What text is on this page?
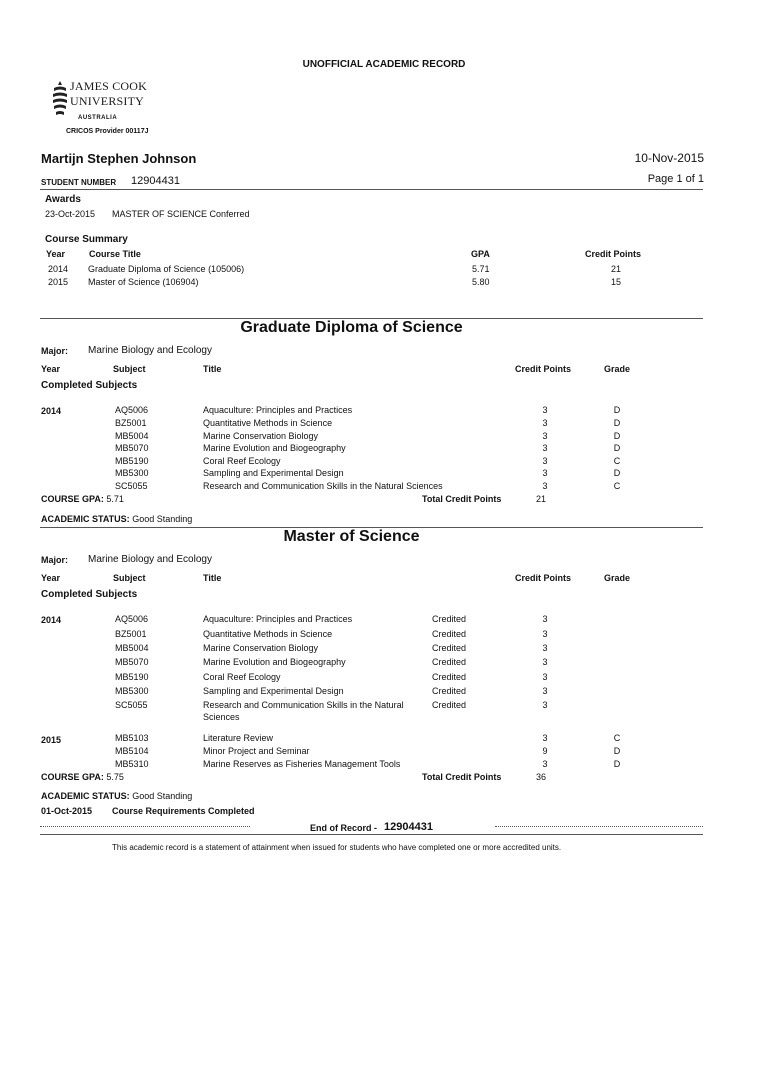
UNOFFICIAL ACADEMIC RECORD
JAMES COOK
UNIVERSITY
AUSTRALIA
CRICOS Provider 00117J
Martijn Stephen Johnson	10-Nov-2015
STUDENT NUMBER 12904431	Page 1 of 1
Awards
23-Oct-2015 MASTER OF SCIENCE Conferred
Course Summary
Year	Course Title	GPA	Credit Points
2014 Graduate Diploma of Science (105006)	5.71	21
2015 Master of Science (106904)	5.80	15
Graduate Diploma of Science
Major: Marine Biology and Ecology
Year	Subject	Title	Credit Points	Grade
Completed Subjects
2014	AQ5006	Aquaculture: Principles and Practices	3	D
BZ5001	Quantitative Methods in Science	3	D
MB5004	Marine Conservation Biology	3	D
MB5070	Marine Evolution and Biogeography	3	D
MB5190	Coral Reef Ecology	3	C
MB5300	Sampling and Experimental Design	3	D
SC5055	Research and Communication Skills in the Natural Sciences	3	C
COURSE GPA: 5.71	Total Credit Points	21
ACADEMIC STATUS: Good Standing
Master of Science
Major: Marine Biology and Ecology
Year	Subject	Title	Credit Points	Grade
Completed Subjects
2014	AQ5006	Aquaculture: Principles and Practices	Credited	3
BZ5001	Quantitative Methods in Science	Credited	3
MB5004	Marine Conservation Biology	Credited	3
MB5070	Marine Evolution and Biogeography	Credited	3
MB5190	Coral Reef Ecology	Credited	3
MB5300	Sampling and Experimental Design	Credited	3
SC5055	Research and Communication Skills in the Natural
Sciences
Credited	3
2015	MB5103	Literature Review	3	C
MB5104	Minor Project and Seminar	9	D
MB5310	Marine Reserves as Fisheries Management Tools	3	D
COURSE GPA: 5.75	Total Credit Points	36
ACADEMIC STATUS: Good Standing
01-Oct-2015 Course Requirements Completed
End of Record - 12904431
This academic record is a statement of attainment when issued for students who have completed one or more accredited units.
